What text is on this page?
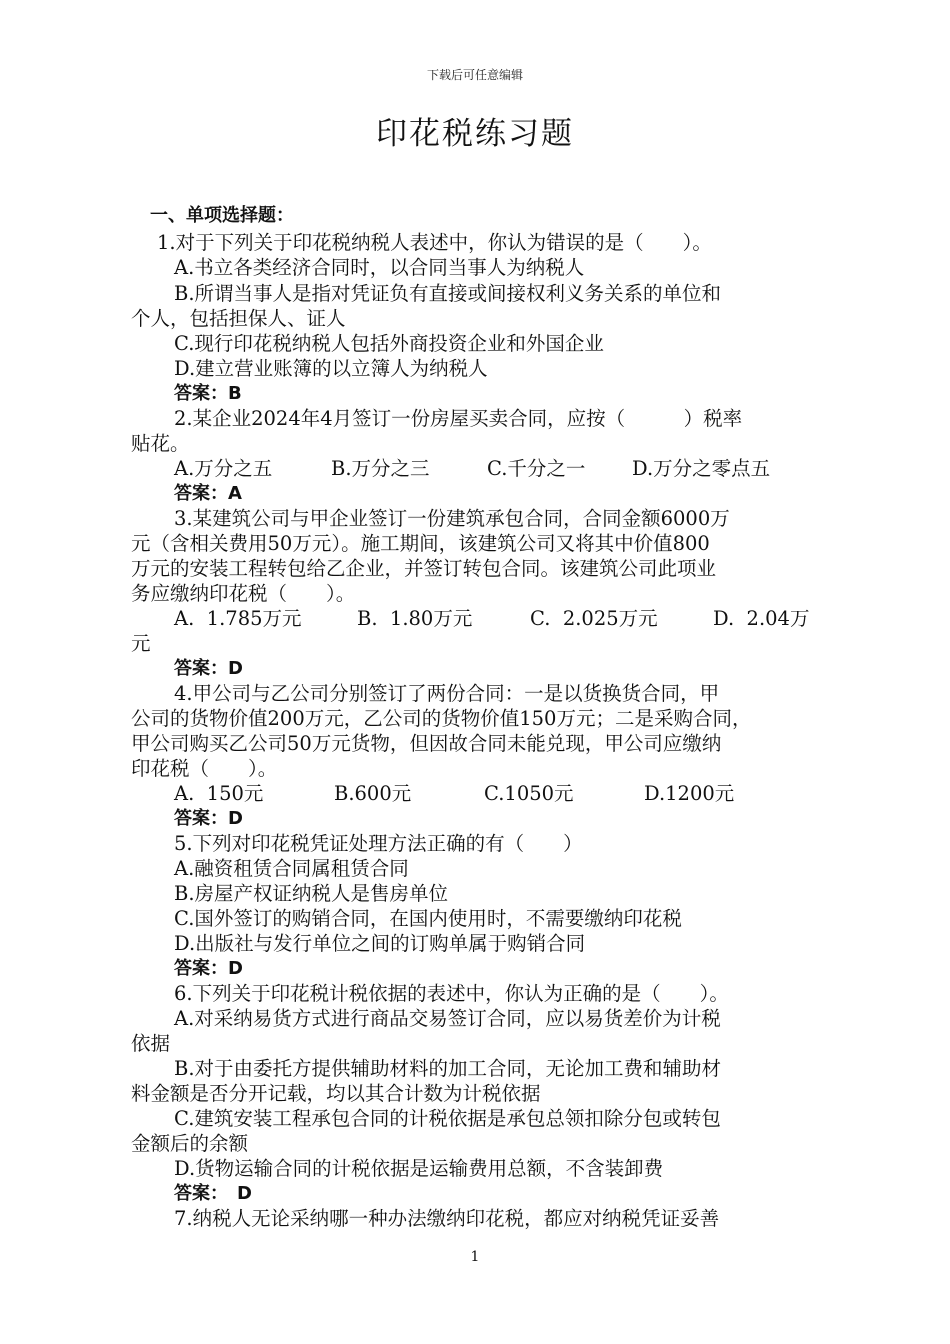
下载后可任意编辑
印花税练习题
一、单项选择题：
1.对于下列关于印花税纳税人表述中，你认为错误的是（　　）。
A.书立各类经济合同时，以合同当事人为纳税人
B.所谓当事人是指对凭证负有直接或间接权利义务关系的单位和
个人，包括担保人、证人
C.现行印花税纳税人包括外商投资企业和外国企业
D.建立营业账簿的以立簿人为纳税人
答案：B
2.某企业2024年4月签订一份房屋买卖合同，应按（　　　）税率
贴花。

A.万分之五

	B.万分之三

	C.千分之一

D.万分之零点五

答案：A
3.某建筑公司与甲企业签订一份建筑承包合同，合同金额6000万
元（含相关费用50万元）。施工期间，该建筑公司又将其中价值800
万元的安装工程转包给乙企业，并签订转包合同。该建筑公司此项业
务应缴纳印花税（　　）。

A.  1.785万元

	B.  1.80万元

	C.  2.025万元

	D.  2.04万

元
答案：D
4.甲公司与乙公司分别签订了两份合同：一是以货换货合同，甲
公司的货物价值200万元，乙公司的货物价值150万元；二是采购合同，
甲公司购买乙公司50万元货物，但因故合同未能兑现，甲公司应缴纳
印花税（　　）。

A.  150元

	B.600元

	C.1050元

	D.1200元

答案：D
5.下列对印花税凭证处理方法正确的有（　　）
A.融资租赁合同属租赁合同
B.房屋产权证纳税人是售房单位
C.国外签订的购销合同，在国内使用时，不需要缴纳印花税
D.出版社与发行单位之间的订购单属于购销合同
答案：D
6.下列关于印花税计税依据的表述中，你认为正确的是（　　）。
A.对采纳易货方式进行商品交易签订合同，应以易货差价为计税
依据
B.对于由委托方提供辅助材料的加工合同，无论加工费和辅助材
料金额是否分开记载，均以其合计数为计税依据
C.建筑安装工程承包合同的计税依据是承包总领扣除分包或转包
金额后的余额
D.货物运输合同的计税依据是运输费用总额，不含装卸费
答案：　D
7.纳税人无论采纳哪一种办法缴纳印花税，都应对纳税凭证妥善
1
